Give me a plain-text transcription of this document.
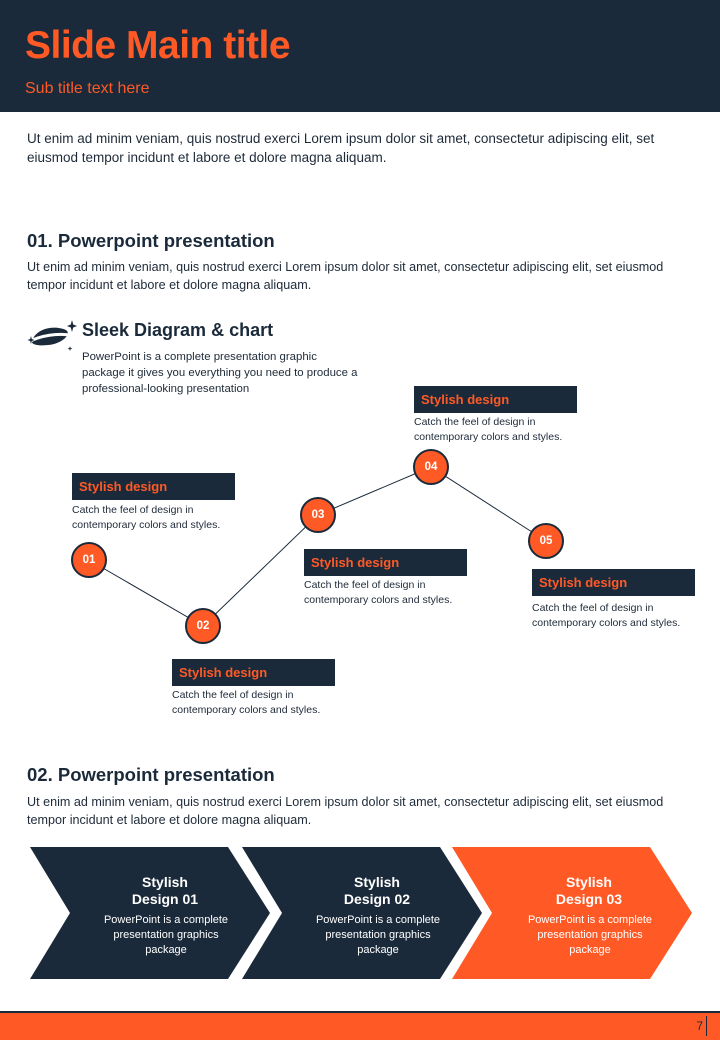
Slide Main title
Sub title text here
Ut enim ad minim veniam, quis nostrud exerci Lorem ipsum dolor sit amet, consectetur adipiscing elit, set eiusmod tempor incidunt et labore et dolore magna aliquam.
01. Powerpoint presentation
Ut enim ad minim veniam, quis nostrud exerci Lorem ipsum dolor sit amet, consectetur adipiscing elit, set eiusmod tempor incidunt et labore et dolore magna aliquam.
Sleek Diagram & chart
PowerPoint is a complete presentation graphic package it gives you everything you need to produce a professional-looking presentation
Stylish design
Catch the feel of design in contemporary colors and styles.
01
02
Stylish design
Catch the feel of design in contemporary colors and styles.
03
Stylish design
Catch the feel of design in contemporary colors and styles.
Stylish design
Catch the feel of design in contemporary colors and styles.
04
05
Stylish design
Catch the feel of design in contemporary colors and styles.
02. Powerpoint presentation
Ut enim ad minim veniam, quis nostrud exerci Lorem ipsum dolor sit amet, consectetur adipiscing elit, set eiusmod tempor incidunt et labore et dolore magna aliquam.
Stylish
Design 01
PowerPoint is a complete presentation graphics package
Stylish
Design 02
PowerPoint is a complete presentation graphics package
Stylish
Design 03
PowerPoint is a complete presentation graphics package
7
